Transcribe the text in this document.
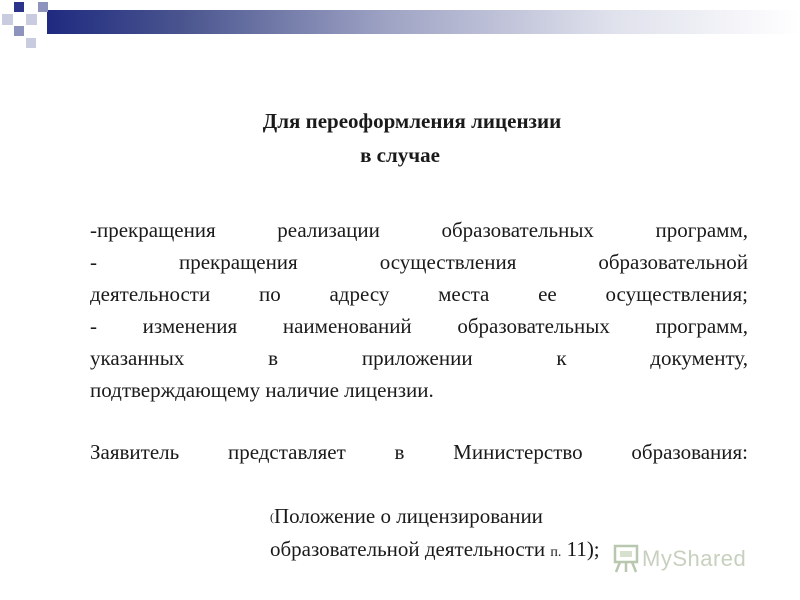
Для переоформления лицензии
в случае
-прекращения реализации образовательных программ,
- прекращения осуществления образовательной
деятельности по адресу места ее осуществления;
- изменения наименований образовательных программ,
указанных в приложении к документу,
подтверждающему наличие лицензии.
Заявитель представляет в Министерство образования:
(Положение о лицензировании
образовательной деятельности п. 11);	MyShared
